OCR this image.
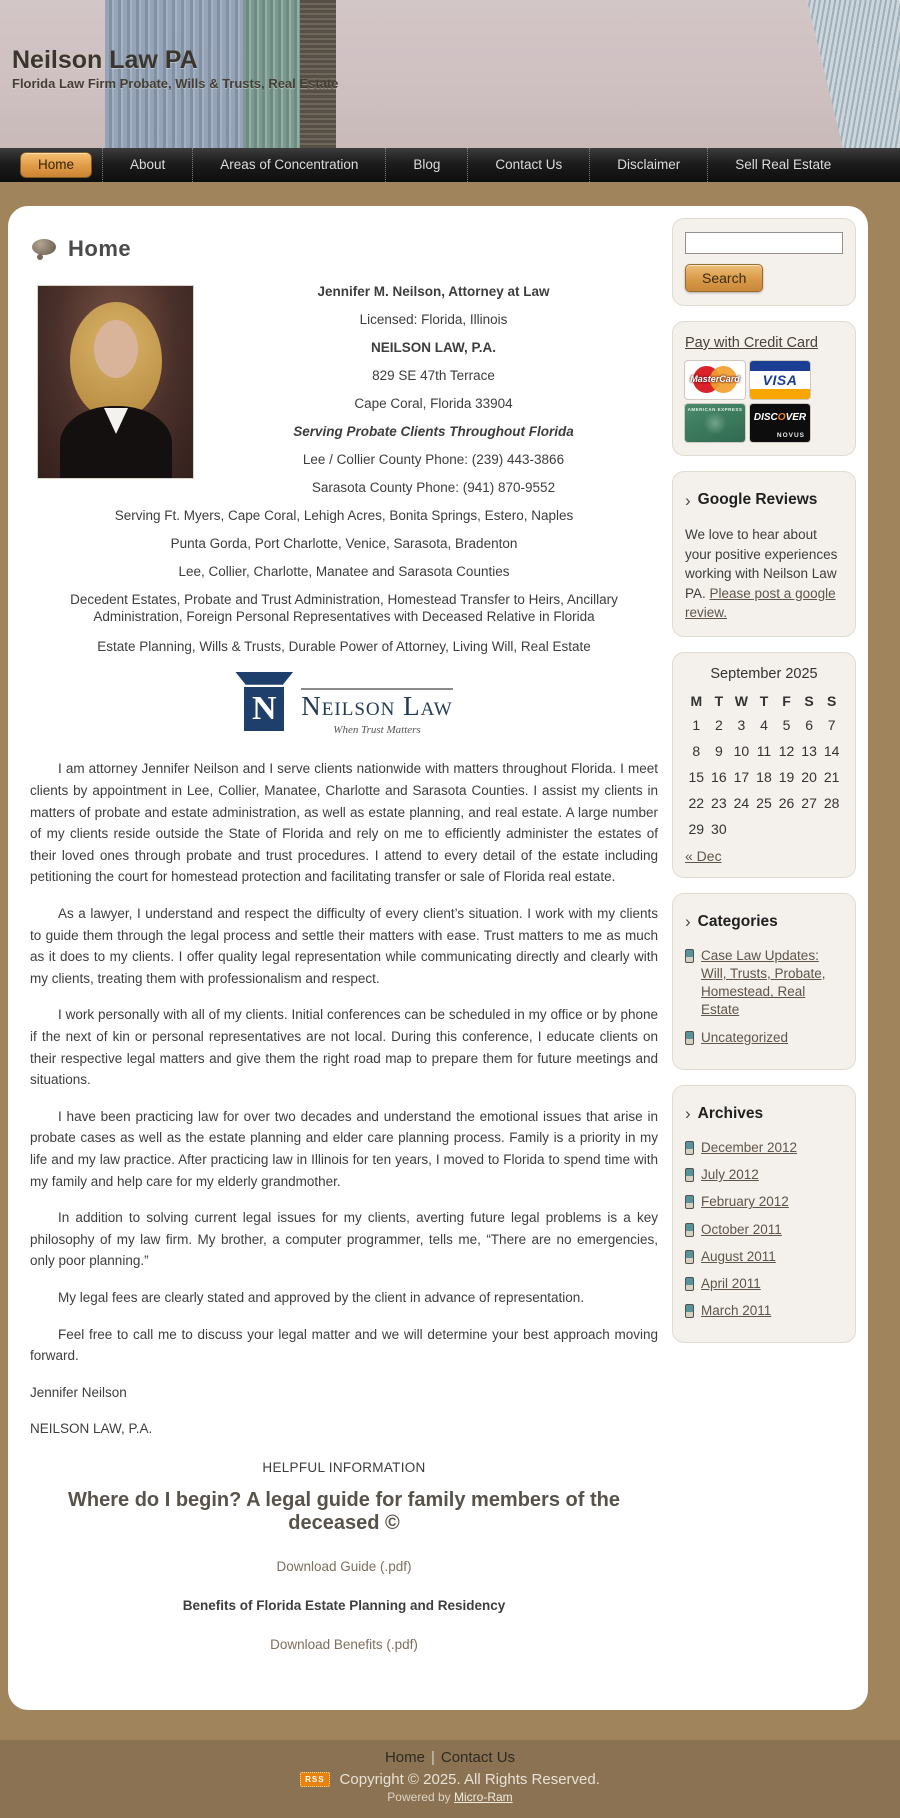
Neilson Law PA
Florida Law Firm Probate, Wills & Trusts, Real Estate
Home	About	Areas of Concentration	Blog	Contact Us	Disclaimer	Sell Real Estate
Home

Jennifer M. Neilson, Attorney at Law

Licensed: Florida, Illinois

NEILSON LAW, P.A.

829 SE 47th Terrace

Cape Coral, Florida 33904

Serving Probate Clients Throughout Florida

Lee / Collier County Phone: (239) 443-3866

Sarasota County Phone: (941) 870-9552

Serving Ft. Myers, Cape Coral, Lehigh Acres, Bonita Springs, Estero, Naples

Punta Gorda, Port Charlotte, Venice, Sarasota, Bradenton

Lee, Collier, Charlotte, Manatee and Sarasota Counties

Decedent Estates, Probate and Trust Administration, Homestead Transfer to Heirs, Ancillary Administration, Foreign Personal Representatives with Deceased Relative in Florida

Estate Planning, Wills & Trusts, Durable Power of Attorney, Living Will, Real Estate

N Neilson Law
When Trust Matters

I am attorney Jennifer Neilson and I serve clients nationwide with matters throughout Florida. I meet clients by appointment in Lee, Collier, Manatee, Charlotte and Sarasota Counties. I assist my clients in matters of probate and estate administration, as well as estate planning, and real estate. A large number of my clients reside outside the State of Florida and rely on me to efficiently administer the estates of their loved ones through probate and trust procedures. I attend to every detail of the estate including petitioning the court for homestead protection and facilitating transfer or sale of Florida real estate.

As a lawyer, I understand and respect the difficulty of every client’s situation. I work with my clients to guide them through the legal process and settle their matters with ease. Trust matters to me as much as it does to my clients. I offer quality legal representation while communicating directly and clearly with my clients, treating them with professionalism and respect.

I work personally with all of my clients. Initial conferences can be scheduled in my office or by phone if the next of kin or personal representatives are not local. During this conference, I educate clients on their respective legal matters and give them the right road map to prepare them for future meetings and situations.

I have been practicing law for over two decades and understand the emotional issues that arise in probate cases as well as the estate planning and elder care planning process. Family is a priority in my life and my law practice. After practicing law in Illinois for ten years, I moved to Florida to spend time with my family and help care for my elderly grandmother.

In addition to solving current legal issues for my clients, averting future legal problems is a key philosophy of my law firm. My brother, a computer programmer, tells me, “There are no emergencies, only poor planning.”

My legal fees are clearly stated and approved by the client in advance of representation.

Feel free to call me to discuss your legal matter and we will determine your best approach moving forward.

Jennifer Neilson

NEILSON LAW, P.A.

HELPFUL INFORMATION

Where do I begin? A legal guide for family members of the deceased ©
Download Guide (.pdf)

Benefits of Florida Estate Planning and Residency

Download Benefits (.pdf)
Search
Pay with Credit Card
MasterCard	VISA
AMERICAN EXPRESS
DISCOVER
NOVUS
› Google Reviews
We love to hear about your positive experiences working with Neilson Law PA. Please post a google review.
September 2025
M	T	W	T	F	S	S
1	2	3	4	5	6	7
8	9	10	11	12	13	14
15	16	17	18	19	20	21
22	23	24	25	26	27	28
29	30					
« Dec
› Categories
Case Law Updates: Will, Trusts, Probate, Homestead, Real Estate
Uncategorized
› Archives
December 2012
July 2012
February 2012
October 2011
August 2011
April 2011
March 2011
Home | Contact Us
RSS	Copyright © 2025. All Rights Reserved.
Powered by Micro-Ram
